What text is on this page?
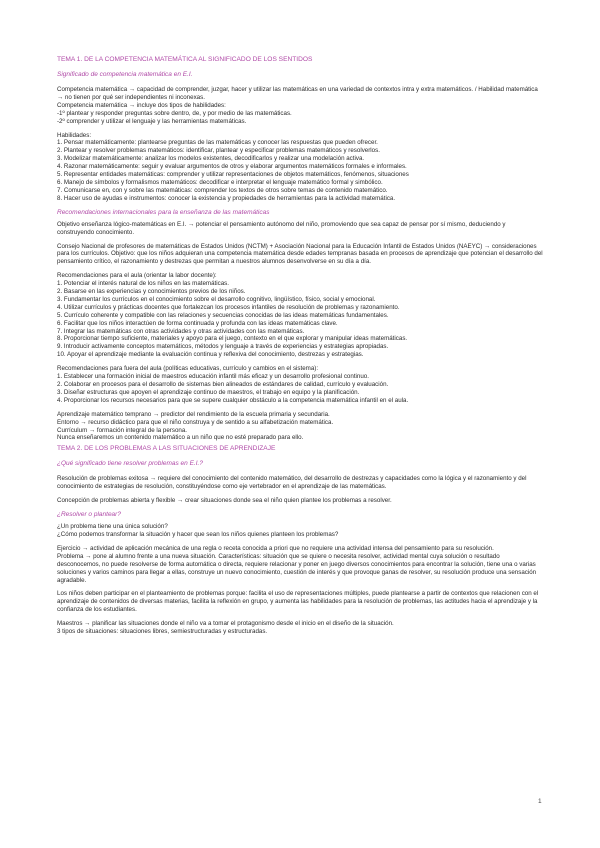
TEMA 1. DE LA COMPETENCIA MATEMÁTICA AL SIGNIFICADO DE LOS SENTIDOS
Significado de competencia matemática en E.I.

Competencia matemática → capacidad de comprender, juzgar, hacer y utilizar las matemáticas en una variedad de contextos intra y extra matemáticos. / Habilidad matemática → no tienen por qué ser independientes ni inconexas.

Competencia matemática → incluye dos tipos de habilidades:
-1º plantear y responder preguntas sobre dentro, de, y por medio de las matemáticas.
-2º comprender y utilizar el lenguaje y las herramientas matemáticas.
Habilidades:
1. Pensar matemáticamente: plantearse preguntas de las matemáticas y conocer las respuestas que pueden ofrecer.
2. Plantear y resolver problemas matemáticos: identificar, plantear y especificar problemas matemáticos y resolverlos.
3. Modelizar matemáticamente: analizar los modelos existentes, decodificarlos y realizar una modelación activa.
4. Razonar matemáticamente: seguir y evaluar argumentos de otros y elaborar argumentos matemáticos formales e informales.
5. Representar entidades matemáticas: comprender y utilizar representaciones de objetos matemáticos, fenómenos, situaciones
6. Manejo de símbolos y formalismos matemáticos: decodificar e interpretar el lenguaje matemático formal y simbólico.
7. Comunicarse en, con y sobre las matemáticas: comprender los textos de otros sobre temas de contenido matemático.
8. Hacer uso de ayudas e instrumentos: conocer la existencia y propiedades de herramientas para la actividad matemática.
Recomendaciones internacionales para la enseñanza de las matemáticas

Objetivo enseñanza lógico-matemáticas en E.I. → potenciar el pensamiento autónomo del niño, promoviendo que sea capaz de pensar por sí mismo, deduciendo y construyendo conocimiento.

Consejo Nacional de profesores de matemáticas de Estados Unidos (NCTM) + Asociación Nacional para la Educación Infantil de Estados Unidos (NAEYC) → consideraciones para los currículos. Objetivo: que los niños adquieran una competencia matemática desde edades tempranas basada en procesos de aprendizaje que potencian el desarrollo del pensamiento crítico, el razonamiento y destrezas que permitan a nuestros alumnos desenvolverse en su día a día.

Recomendaciones para el aula (orientar la labor docente):
1. Potenciar el interés natural de los niños en las matemáticas.
2. Basarse en las experiencias y conocimientos previos de los niños.
3. Fundamentar los currículos en el conocimiento sobre el desarrollo cognitivo, lingüístico, físico, social y emocional.
4. Utilizar currículos y prácticas docentes que fortalezcan los procesos infantiles de resolución de problemas y razonamiento.
5. Currículo coherente y compatible con las relaciones y secuencias conocidas de las ideas matemáticas fundamentales.
6. Facilitar que los niños interactúen de forma continuada y profunda con las ideas matemáticas clave.
7. Integrar las matemáticas con otras actividades y otras actividades con las matemáticas.
8. Proporcionar tiempo suficiente, materiales y apoyo para el juego, contexto en el que explorar y manipular ideas matemáticas.
9. Introducir activamente conceptos matemáticos, métodos y lenguaje a través de experiencias y estrategias apropiadas.
10. Apoyar el aprendizaje mediante la evaluación continua y reflexiva del conocimiento, destrezas y estrategias.
Recomendaciones para fuera del aula (políticas educativas, currículo y cambios en el sistema):
1. Establecer una formación inicial de maestros educación infantil más eficaz y un desarrollo profesional continuo.
2. Colaborar en procesos para el desarrollo de sistemas bien alineados de estándares de calidad, currículo y evaluación.
3. Diseñar estructuras que apoyen el aprendizaje continuo de maestros, el trabajo en equipo y la planificación.
4. Proporcionar los recursos necesarios para que se supere cualquier obstáculo a la competencia matemática infantil en el aula.
Aprendizaje matemático temprano → predictor del rendimiento de la escuela primaria y secundaria.
Entorno → recurso didáctico para que el niño construya y de sentido a su alfabetización matemática.
Currículum → formación integral de la persona.
Nunca enseñaremos un contenido matemático a un niño que no esté preparado para ello.
TEMA 2. DE LOS PROBLEMAS A LAS SITUACIONES DE APRENDIZAJE
¿Qué significado tiene resolver problemas en E.I.?

Resolución de problemas exitosa → requiere del conocimiento del contenido matemático, del desarrollo de destrezas y capacidades como la lógica y el razonamiento y del conocimiento de estrategias de resolución, constituyéndose como eje vertebrador en el aprendizaje de las matemáticas.

Concepción de problemas abierta y flexible → crear situaciones donde sea el niño quien plantee los problemas a resolver.

¿Resolver o plantear?
¿Un problema tiene una única solución?
¿Cómo podemos transformar la situación y hacer que sean los niños quienes planteen los problemas?

Ejercicio → actividad de aplicación mecánica de una regla o receta conocida a priori que no requiere una actividad intensa del pensamiento para su resolución.

Problema → pone al alumno frente a una nueva situación. Características: situación que se quiere o necesita resolver, actividad mental cuya solución o resultado desconocemos, no puede resolverse de forma automática o directa, requiere relacionar y poner en juego diversos conocimientos para encontrar la solución, tiene una o varias soluciones y varios caminos para llegar a ellas, construye un nuevo conocimiento, cuestión de interés y que provoque ganas de resolver, su resolución produce una sensación agradable.

Los niños deben participar en el planteamiento de problemas porque: facilita el uso de representaciones múltiples, puede plantearse a partir de contextos que relacionen con el aprendizaje de contenidos de diversas materias, facilita la reflexión en grupo, y aumenta las habilidades para la resolución de problemas, las actitudes hacia el aprendizaje y la confianza de los estudiantes.

Maestros → planificar las situaciones donde el niño va a tomar el protagonismo desde el inicio en el diseño de la situación.
3 tipos de situaciones: situaciones libres, semiestructuradas y estructuradas.
1
